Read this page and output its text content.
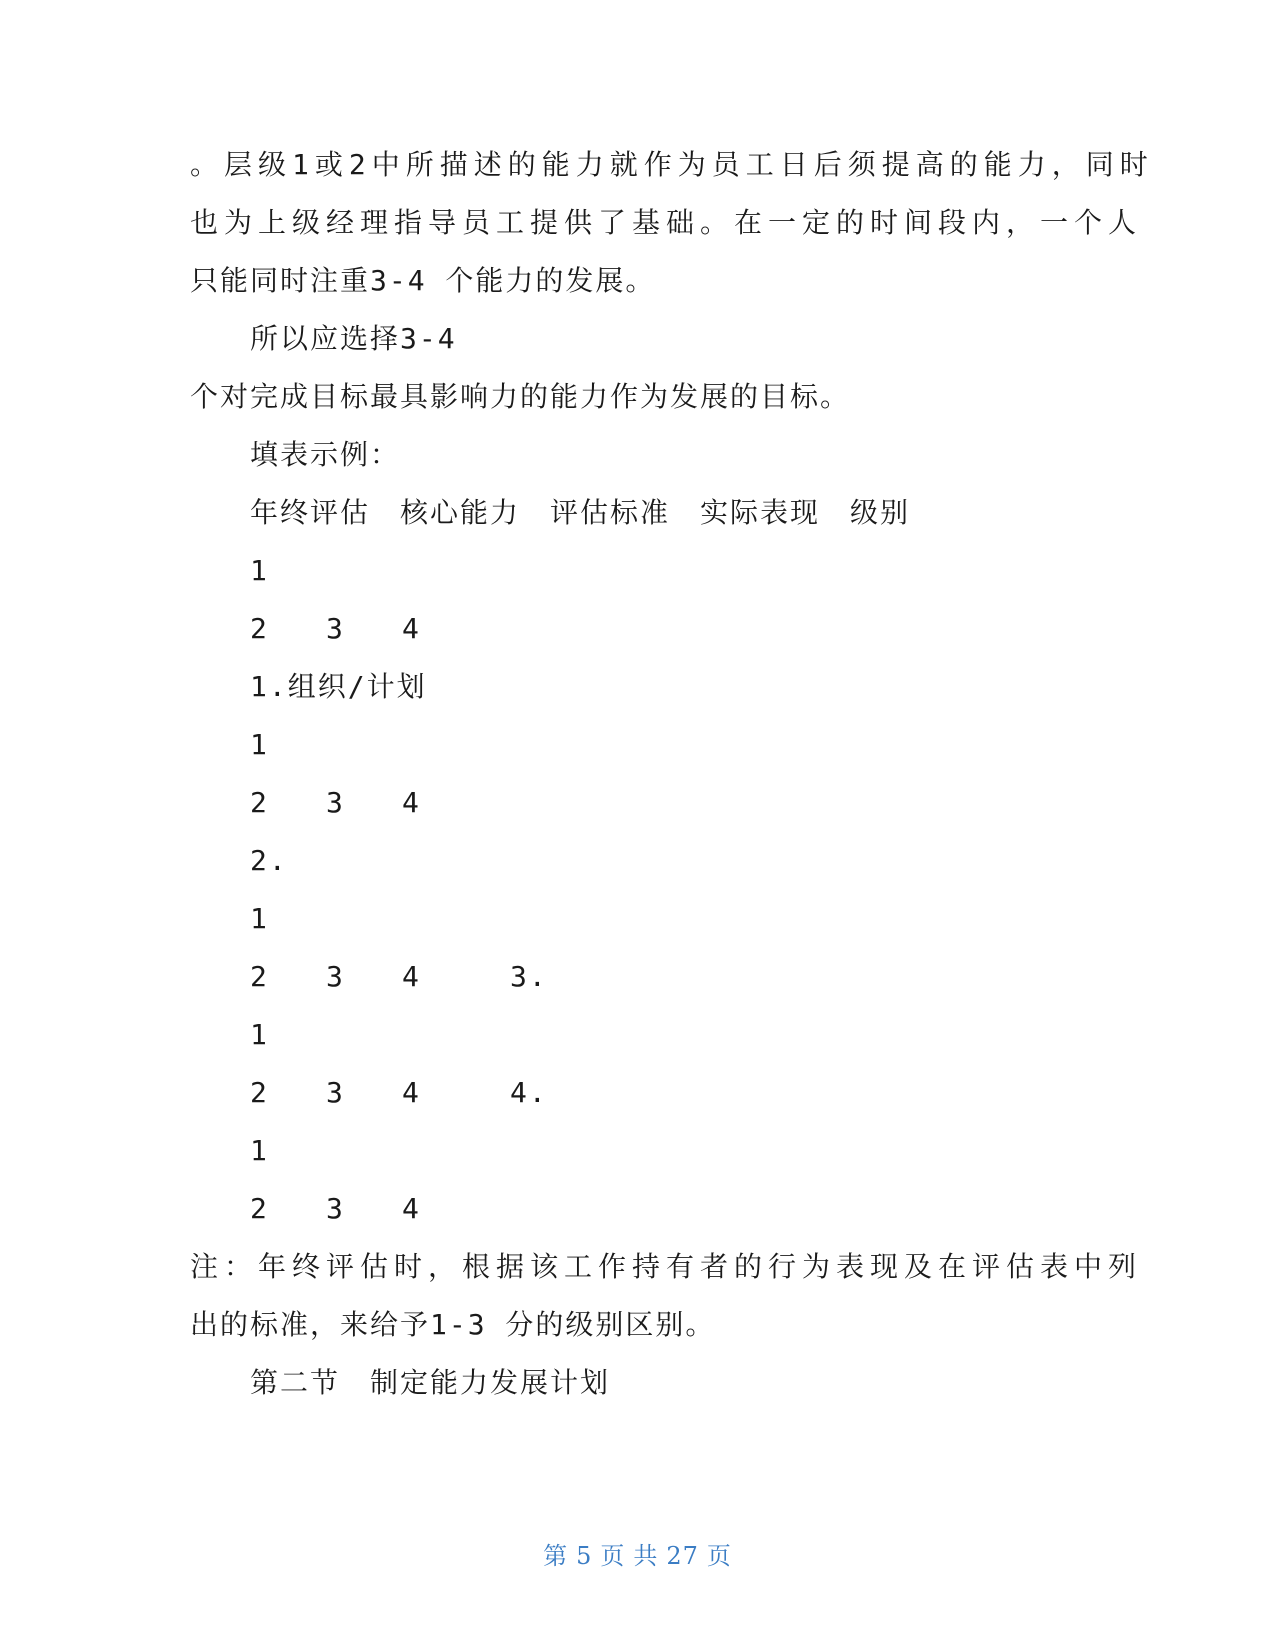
。层级1或2中所描述的能力就作为员工日后须提高的能力，同时
也为上级经理指导员工提供了基础。在一定的时间段内，一个人
只能同时注重3-4 个能力的发展。
所以应选择3-4
个对完成目标最具影响力的能力作为发展的目标。
填表示例：
年终评估 核心能力 评估标准 实际表现 级别
1
2 3 4
1.组织/计划
1
2 3 4
2.
1
2 3 4	3.
1
2 3 4	4.
1
2 3 4
注：年终评估时，根据该工作持有者的行为表现及在评估表中列
出的标准，来给予1-3 分的级别区别。
第二节　制定能力发展计划
第 5 页 共 27 页
